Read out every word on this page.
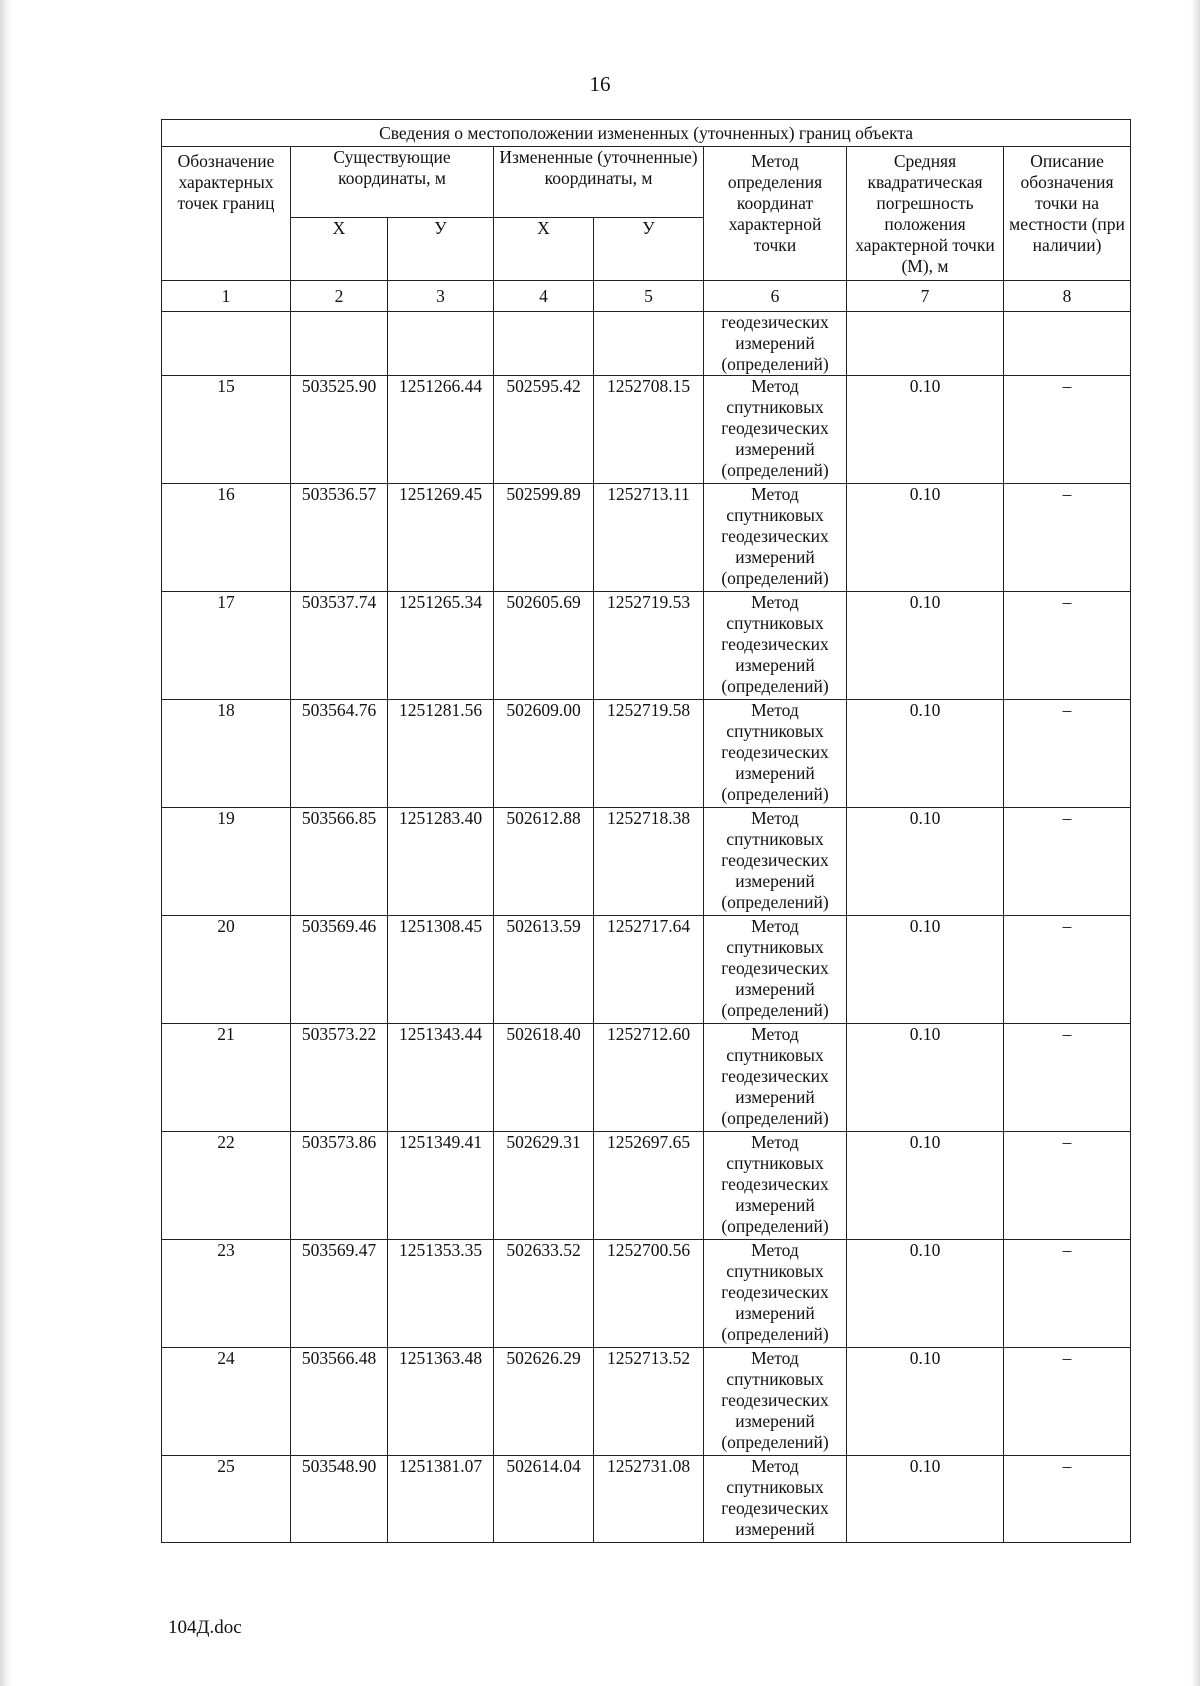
16
Сведения о местоположении измененных (уточненных) границ объекта							
Обозначение характерных точек границ	Существующие координаты, м		Измененные (уточненные) координаты, м		Метод определения координат характерной точки	Средняя квадратическая погрешность положения характерной точки (М), м	Описание обозначения точки на местности (при наличии)
	Х	У	Х	У			
1	2	3	4	5	6	7	8
					геодезических измерений (определений)		
15	503525.90	1251266.44	502595.42	1252708.15	Метод спутниковых геодезических измерений (определений)	0.10	–
16	503536.57	1251269.45	502599.89	1252713.11	Метод спутниковых геодезических измерений (определений)	0.10	–
17	503537.74	1251265.34	502605.69	1252719.53	Метод спутниковых геодезических измерений (определений)	0.10	–
18	503564.76	1251281.56	502609.00	1252719.58	Метод спутниковых геодезических измерений (определений)	0.10	–
19	503566.85	1251283.40	502612.88	1252718.38	Метод спутниковых геодезических измерений (определений)	0.10	–
20	503569.46	1251308.45	502613.59	1252717.64	Метод спутниковых геодезических измерений (определений)	0.10	–
21	503573.22	1251343.44	502618.40	1252712.60	Метод спутниковых геодезических измерений (определений)	0.10	–
22	503573.86	1251349.41	502629.31	1252697.65	Метод спутниковых геодезических измерений (определений)	0.10	–
23	503569.47	1251353.35	502633.52	1252700.56	Метод спутниковых геодезических измерений (определений)	0.10	–
24	503566.48	1251363.48	502626.29	1252713.52	Метод спутниковых геодезических измерений (определений)	0.10	–
25	503548.90	1251381.07	502614.04	1252731.08	Метод спутниковых геодезических измерений	0.10	–
104Д.doc
